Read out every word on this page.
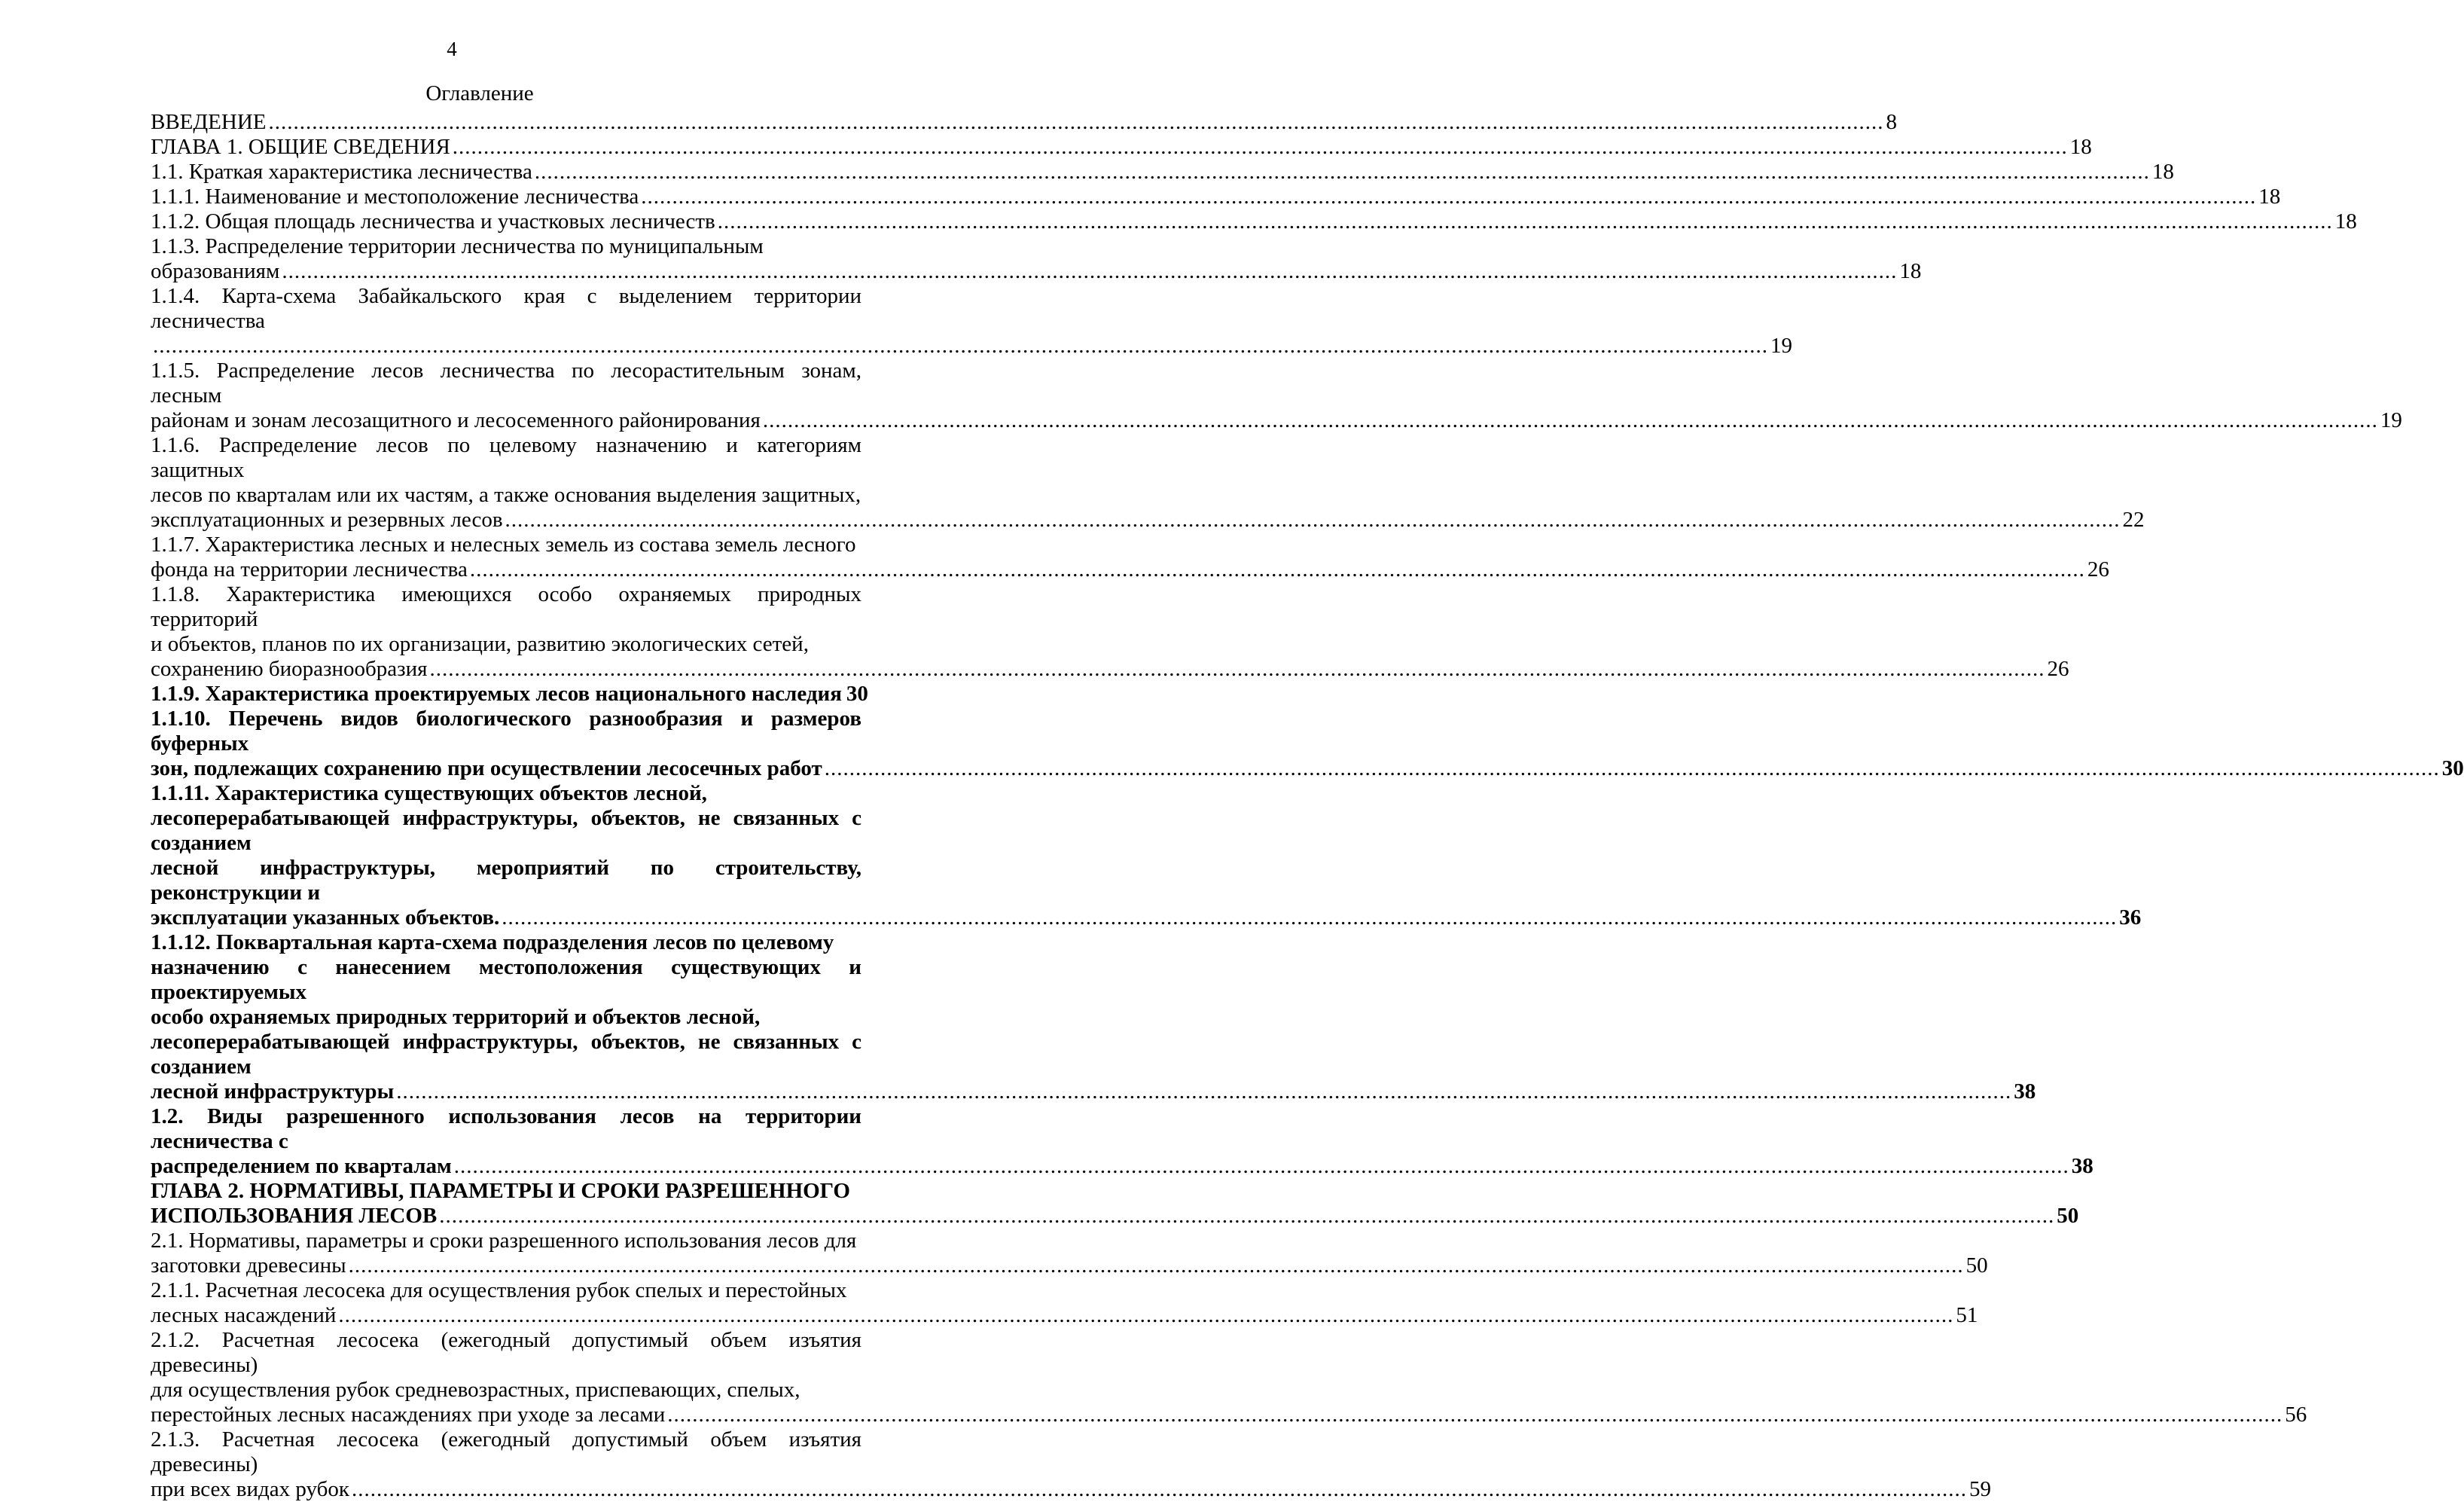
4
Оглавление
ВВЕДЕНИЕ .................................................................................................................................................................................................................................................................... 8
ГЛАВА 1. ОБЩИЕ СВЕДЕНИЯ .................................................................................................................................................................................................................................................................... 18
1.1. Краткая характеристика лесничества .................................................................................................................................................................................................................................................................... 18
1.1.1. Наименование и местоположение лесничества .................................................................................................................................................................................................................................................................... 18
1.1.2. Общая площадь лесничества и участковых лесничеств .................................................................................................................................................................................................................................................................... 18
1.1.3. Распределение территории лесничества по муниципальным
образованиям .................................................................................................................................................................................................................................................................... 18
1.1.4. Карта-схема Забайкальского края с выделением территории лесничества
.................................................................................................................................................................................................................................................................... 19
1.1.5. Распределение лесов лесничества по лесорастительным зонам, лесным
районам и зонам лесозащитного и лесосеменного районирования .................................................................................................................................................................................................................................................................... 19
1.1.6. Распределение лесов по целевому назначению и категориям защитных
лесов по кварталам или их частям, а также основания выделения защитных,
эксплуатационных и резервных лесов .................................................................................................................................................................................................................................................................... 22
1.1.7. Характеристика лесных и нелесных земель из состава земель лесного
фонда на территории лесничества .................................................................................................................................................................................................................................................................... 26
1.1.8. Характеристика имеющихся особо охраняемых природных территорий
и объектов, планов по их организации, развитию экологических сетей,
сохранению биоразнообразия .................................................................................................................................................................................................................................................................... 26
1.1.9. Характеристика проектируемых лесов национального наследия 30
1.1.10. Перечень видов биологического разнообразия и размеров буферных
зон, подлежащих сохранению при осуществлении лесосечных работ .................................................................................................................................................................................................................................................................... 30
1.1.11. Характеристика существующих объектов лесной,
лесоперерабатывающей инфраструктуры, объектов, не связанных с созданием
лесной инфраструктуры, мероприятий по строительству, реконструкции и
эксплуатации указанных объектов. .................................................................................................................................................................................................................................................................... 36
1.1.12. Поквартальная карта-схема подразделения лесов по целевому
назначению с нанесением местоположения существующих и проектируемых
особо охраняемых природных территорий и объектов лесной,
лесоперерабатывающей инфраструктуры, объектов, не связанных с созданием
лесной инфраструктуры .................................................................................................................................................................................................................................................................... 38
1.2. Виды разрешенного использования лесов на территории лесничества с
распределением по кварталам .................................................................................................................................................................................................................................................................... 38
ГЛАВА 2. НОРМАТИВЫ, ПАРАМЕТРЫ И СРОКИ РАЗРЕШЕННОГО
ИСПОЛЬЗОВАНИЯ ЛЕСОВ .................................................................................................................................................................................................................................................................... 50
2.1. Нормативы, параметры и сроки разрешенного использования лесов для
заготовки древесины .................................................................................................................................................................................................................................................................... 50
2.1.1. Расчетная лесосека для осуществления рубок спелых и перестойных
лесных насаждений .................................................................................................................................................................................................................................................................... 51
2.1.2. Расчетная лесосека (ежегодный допустимый объем изъятия древесины)
для осуществления рубок средневозрастных, приспевающих, спелых,
перестойных лесных насаждениях при уходе за лесами .................................................................................................................................................................................................................................................................... 56
2.1.3. Расчетная лесосека (ежегодный допустимый объем изъятия древесины)
при всех видах рубок .................................................................................................................................................................................................................................................................... 59
